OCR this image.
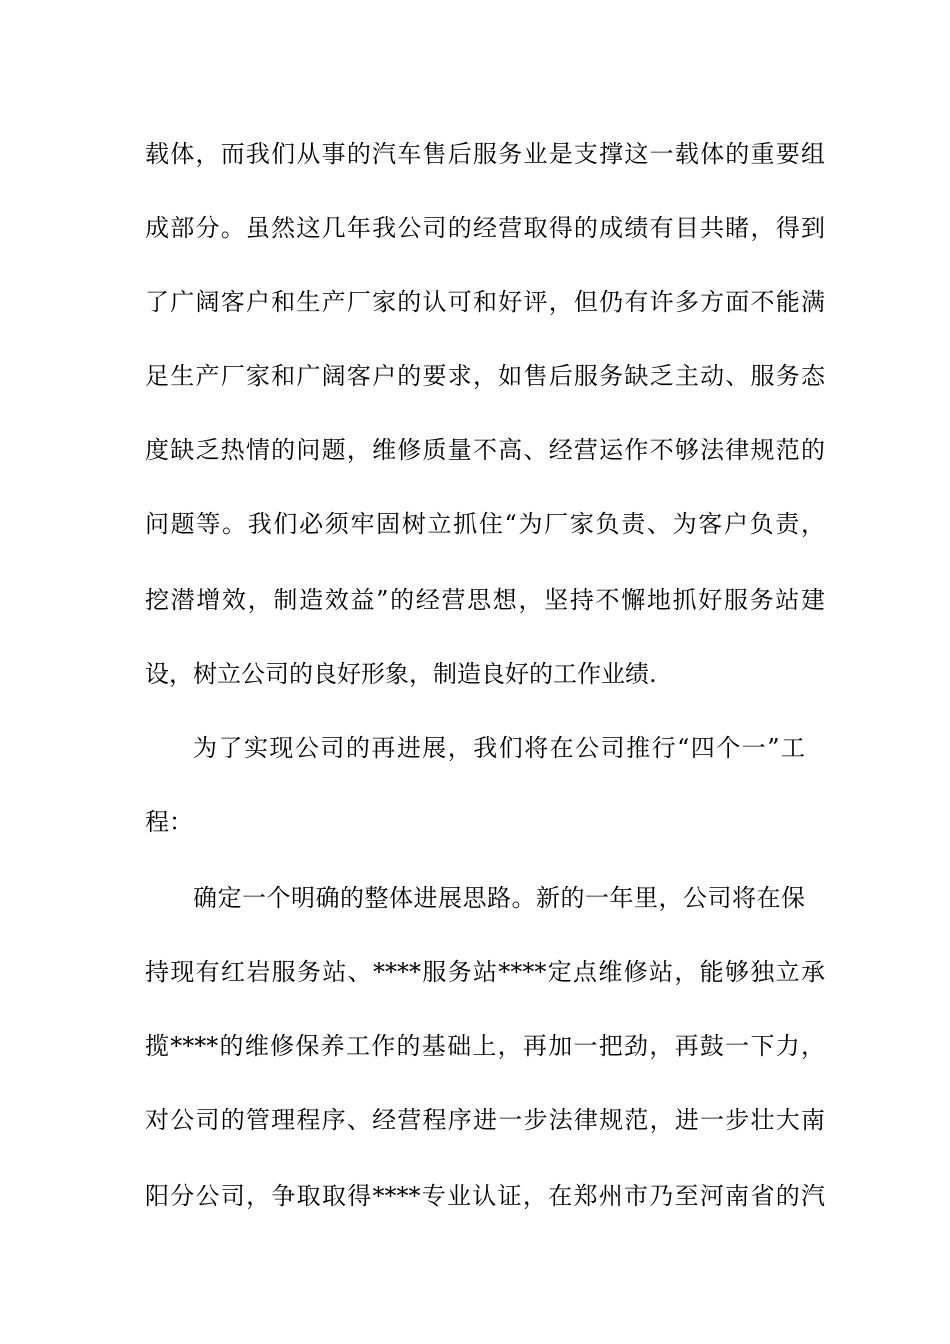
载体，而我们从事的汽车售后服务业是支撑这一载体的重要组
成部分。虽然这几年我公司的经营取得的成绩有目共睹，得到
了广阔客户和生产厂家的认可和好评，但仍有许多方面不能满
足生产厂家和广阔客户的要求，如售后服务缺乏主动、服务态
度缺乏热情的问题，维修质量不高、经营运作不够法律规范的
问题等。我们必须牢固树立抓住“为厂家负责、为客户负责，
挖潜增效，制造效益”的经营思想，坚持不懈地抓好服务站建
设，树立公司的良好形象，制造良好的工作业绩.
为了实现公司的再进展，我们将在公司推行“四个一”工
程：
确定一个明确的整体进展思路。新的一年里，公司将在保
持现有红岩服务站、****服务站****定点维修站，能够独立承
揽****的维修保养工作的基础上，再加一把劲，再鼓一下力，
对公司的管理程序、经营程序进一步法律规范，进一步壮大南
阳分公司，争取取得****专业认证，在郑州市乃至河南省的汽
